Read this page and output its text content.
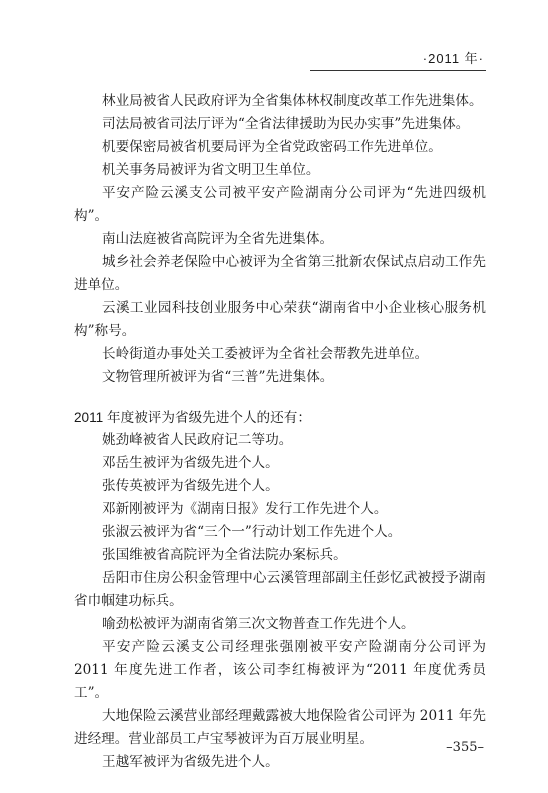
·2011 年·

林业局被省人民政府评为全省集体林权制度改革工作先进集体。

司法局被省司法厅评为“全省法律援助为民办实事”先进集体。

机要保密局被省机要局评为全省党政密码工作先进单位。

机关事务局被评为省文明卫生单位。

平安产险云溪支公司被平安产险湖南分公司评为“先进四级机构”。

南山法庭被省高院评为全省先进集体。

城乡社会养老保险中心被评为全省第三批新农保试点启动工作先进单位。

云溪工业园科技创业服务中心荣获“湖南省中小企业核心服务机构”称号。

长岭街道办事处关工委被评为全省社会帮教先进单位。

文物管理所被评为省“三普”先进集体。

2011 年度被评为省级先进个人的还有：

姚劲峰被省人民政府记二等功。

邓岳生被评为省级先进个人。

张传英被评为省级先进个人。

邓新刚被评为《湖南日报》发行工作先进个人。

张淑云被评为省“三个一”行动计划工作先进个人。

张国维被省高院评为全省法院办案标兵。

岳阳市住房公积金管理中心云溪管理部副主任彭忆武被授予湖南省巾帼建功标兵。

喻劲松被评为湖南省第三次文物普查工作先进个人。

平安产险云溪支公司经理张强刚被平安产险湖南分公司评为 2011 年度先进工作者，该公司李红梅被评为“2011 年度优秀员工”。

大地保险云溪营业部经理戴露被大地保险省公司评为 2011 年先进经理。营业部员工卢宝琴被评为百万展业明星。

王越军被评为省级先进个人。

–355–
